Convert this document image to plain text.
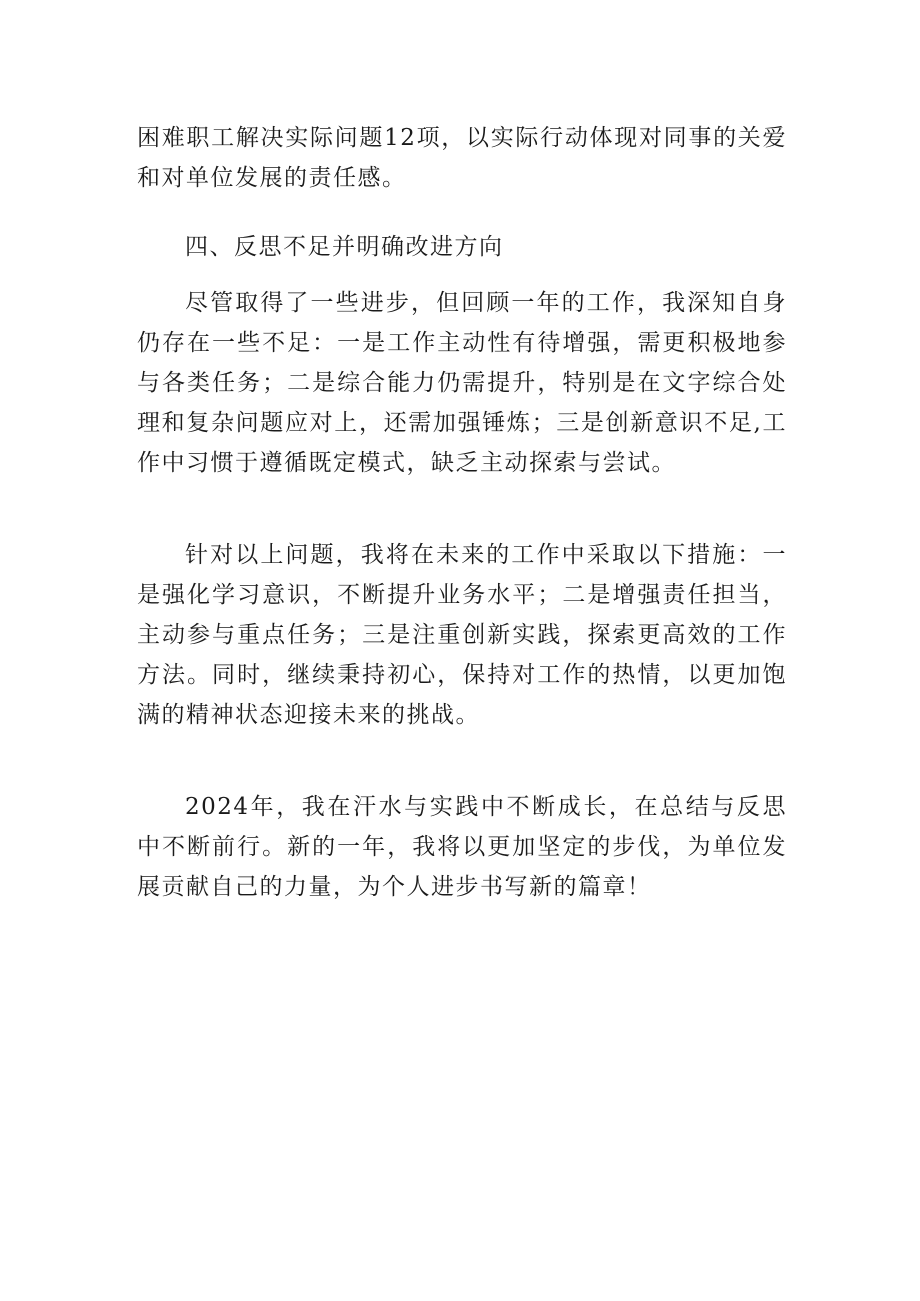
困难职工解决实际问题12项，以实际行动体现对同事的关爱和对单位发展的责任感。

四、反思不足并明确改进方向

尽管取得了一些进步，但回顾一年的工作，我深知自身仍存在一些不足：一是工作主动性有待增强，需更积极地参与各类任务；二是综合能力仍需提升，特别是在文字综合处理和复杂问题应对上，还需加强锤炼；三是创新意识不足,工作中习惯于遵循既定模式，缺乏主动探索与尝试。

针对以上问题，我将在未来的工作中采取以下措施：一是强化学习意识，不断提升业务水平；二是增强责任担当，主动参与重点任务；三是注重创新实践，探索更高效的工作方法。同时，继续秉持初心，保持对工作的热情，以更加饱满的精神状态迎接未来的挑战。

2024年，我在汗水与实践中不断成长，在总结与反思中不断前行。新的一年，我将以更加坚定的步伐，为单位发展贡献自己的力量，为个人进步书写新的篇章！
